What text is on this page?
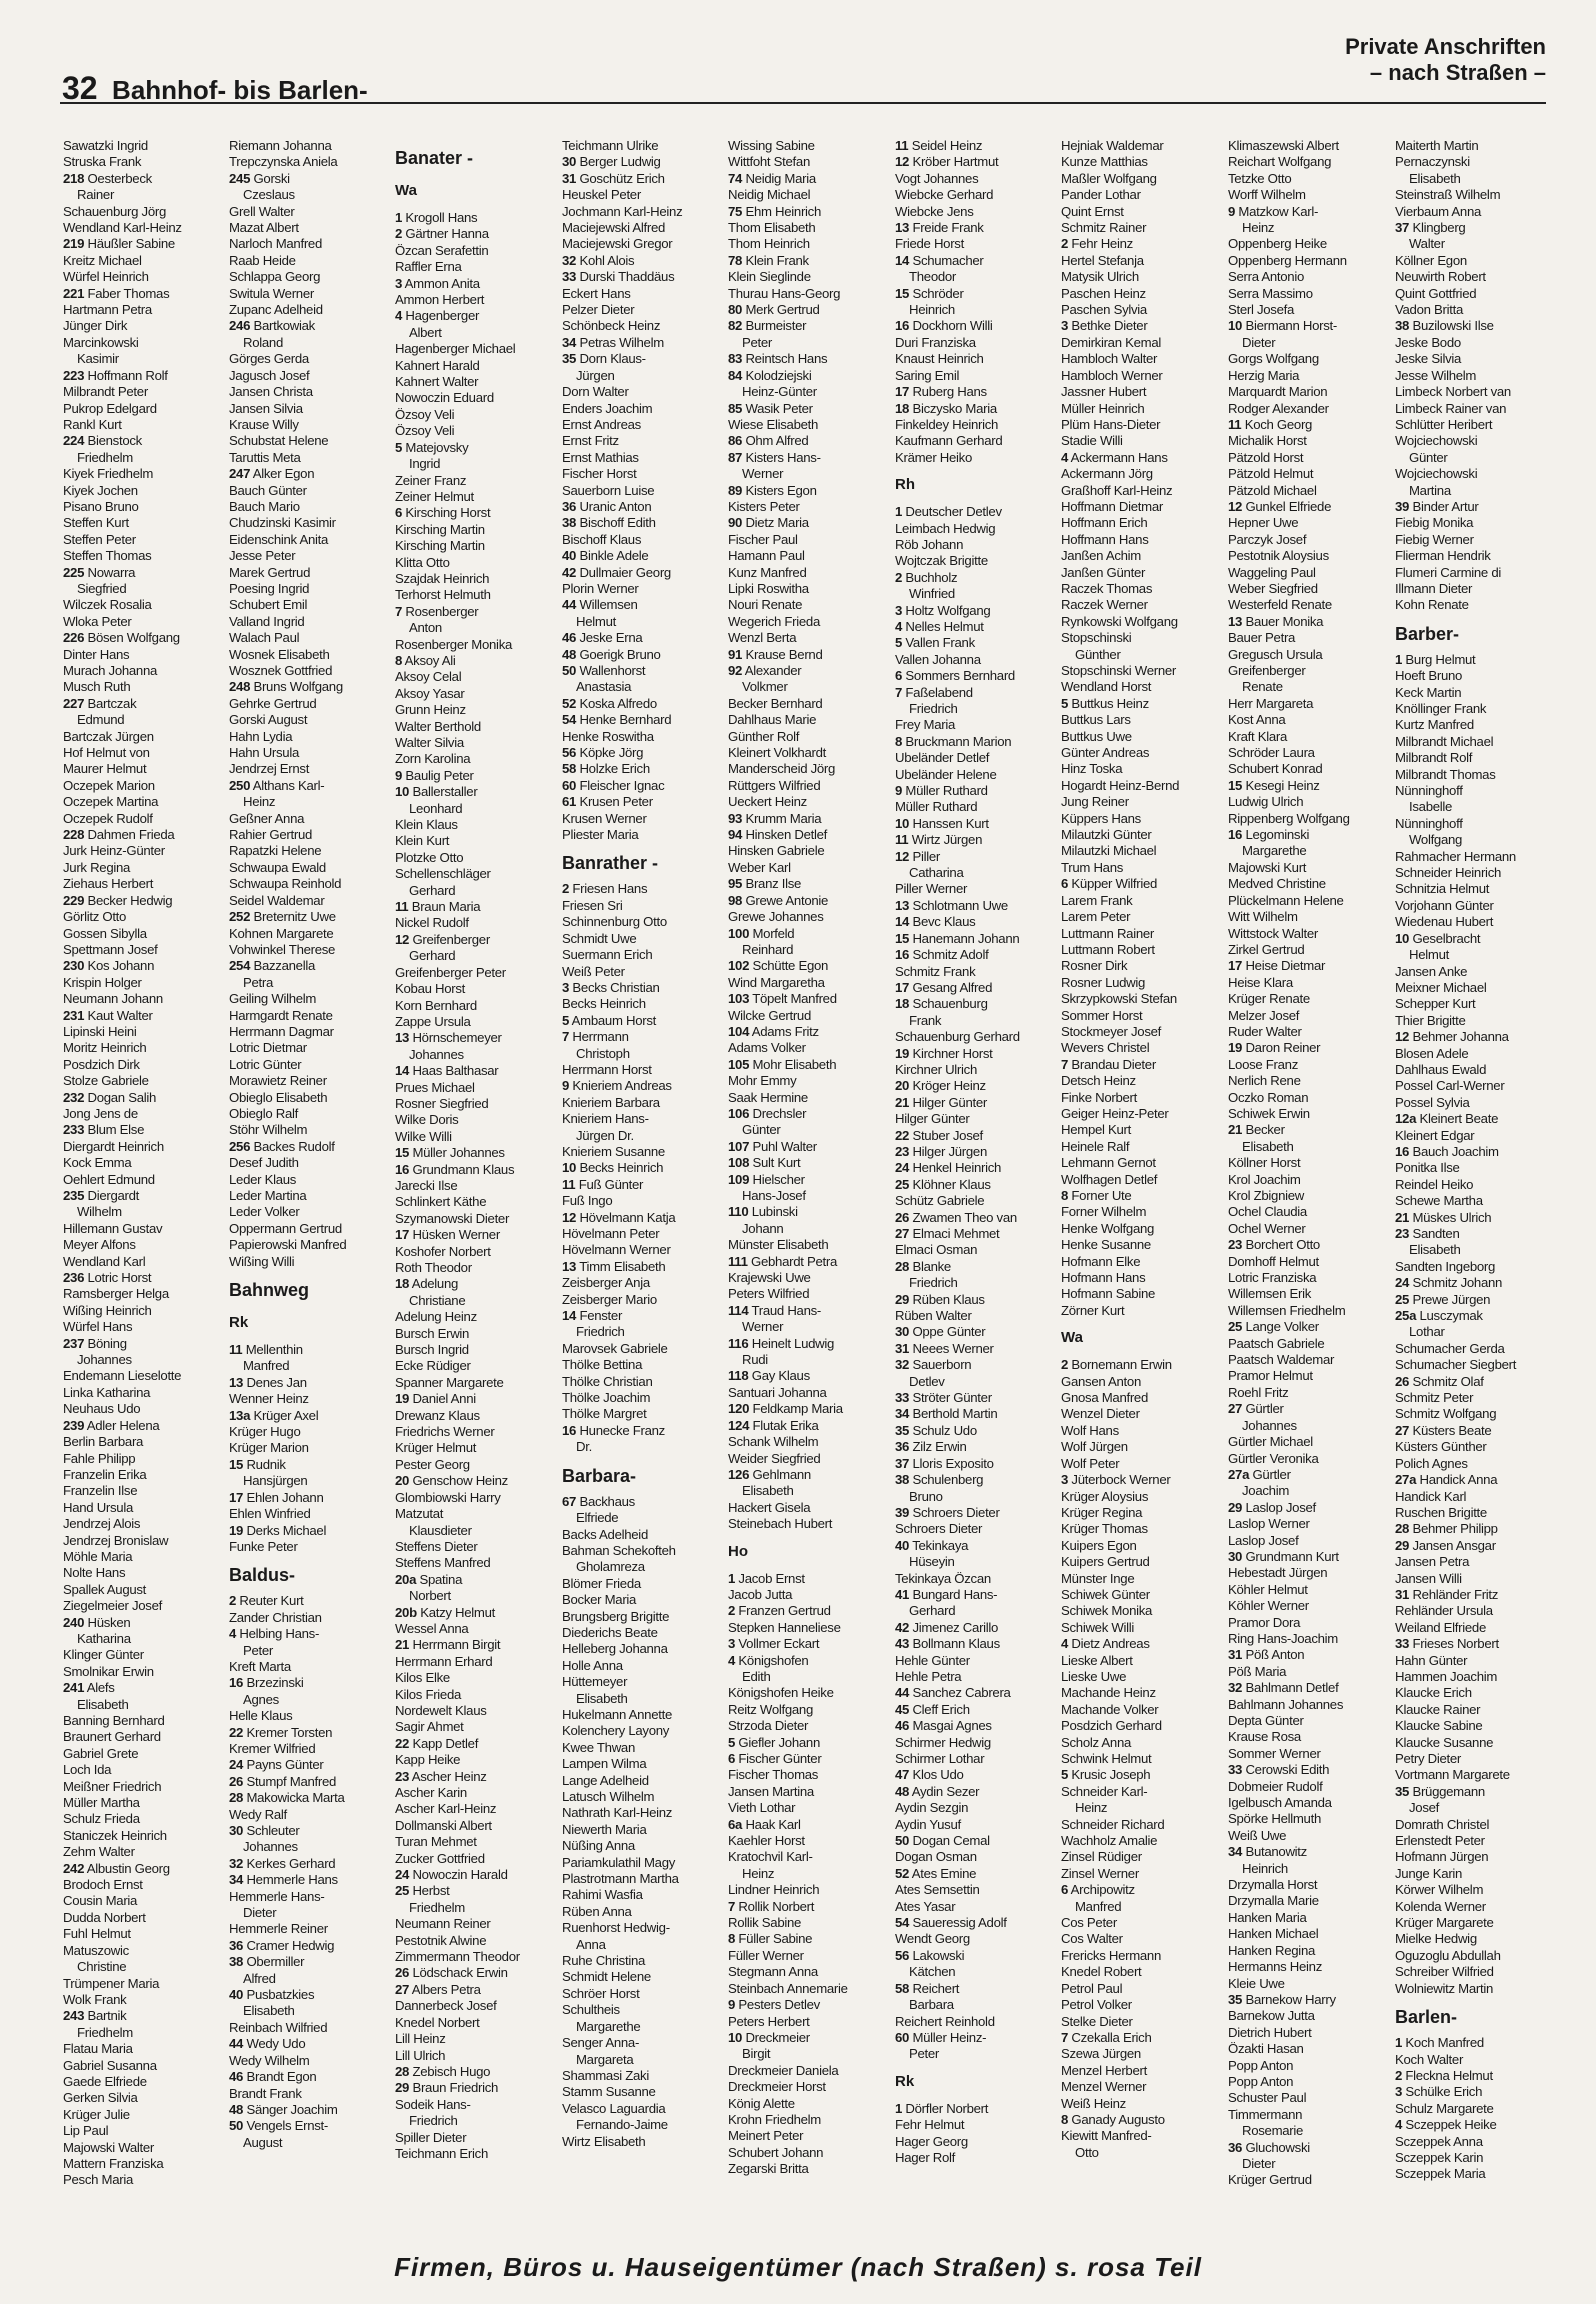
32 Bahnhof- bis Barlen-
Private Anschriften
– nach Straßen –
Sawatzki Ingrid
Struska Frank
218 Oesterbeck
Rainer
Schauenburg Jörg
Wendland Karl-Heinz
219 Häußler Sabine
Kreitz Michael
Würfel Heinrich
221 Faber Thomas
Hartmann Petra
Jünger Dirk
Marcinkowski
Kasimir
223 Hoffmann Rolf
Milbrandt Peter
Pukrop Edelgard
Rankl Kurt
224 Bienstock
Friedhelm
Kiyek Friedhelm
Kiyek Jochen
Pisano Bruno
Steffen Kurt
Steffen Peter
Steffen Thomas
225 Nowarra
Siegfried
Wilczek Rosalia
Wloka Peter
226 Bösen Wolfgang
Dinter Hans
Murach Johanna
Musch Ruth
227 Bartczak
Edmund
Bartczak Jürgen
Hof Helmut von
Maurer Helmut
Oczepek Marion
Oczepek Martina
Oczepek Rudolf
228 Dahmen Frieda
Jurk Heinz-Günter
Jurk Regina
Ziehaus Herbert
229 Becker Hedwig
Görlitz Otto
Gossen Sibylla
Spettmann Josef
230 Kos Johann
Krispin Holger
Neumann Johann
231 Kaut Walter
Lipinski Heini
Moritz Heinrich
Posdzich Dirk
Stolze Gabriele
232 Dogan Salih
Jong Jens de
233 Blum Else
Diergardt Heinrich
Kock Emma
Oehlert Edmund
235 Diergardt
Wilhelm
Hillemann Gustav
Meyer Alfons
Wendland Karl
236 Lotric Horst
Ramsberger Helga
Wißing Heinrich
Würfel Hans
237 Böning
Johannes
Endemann Lieselotte
Linka Katharina
Neuhaus Udo
239 Adler Helena
Berlin Barbara
Fahle Philipp
Franzelin Erika
Franzelin Ilse
Hand Ursula
Jendrzej Alois
Jendrzej Bronislaw
Möhle Maria
Nolte Hans
Spallek August
Ziegelmeier Josef
240 Hüsken
Katharina
Klinger Günter
Smolnikar Erwin
241 Alefs
Elisabeth
Banning Bernhard
Braunert Gerhard
Gabriel Grete
Loch Ida
Meißner Friedrich
Müller Martha
Schulz Frieda
Staniczek Heinrich
Zehm Walter
242 Albustin Georg
Brodoch Ernst
Cousin Maria
Dudda Norbert
Fuhl Helmut
Matuszowic
Christine
Trümpener Maria
Wolk Frank
243 Bartnik
Friedhelm
Flatau Maria
Gabriel Susanna
Gaede Elfriede
Gerken Silvia
Krüger Julie
Lip Paul
Majowski Walter
Mattern Franziska
Pesch Maria
Riemann Johanna
Trepczynska Aniela
245 Gorski
Czeslaus
Grell Walter
Mazat Albert
Narloch Manfred
Raab Heide
Schlappa Georg
Switula Werner
Zupanc Adelheid
246 Bartkowiak
Roland
Görges Gerda
Jagusch Josef
Jansen Christa
Jansen Silvia
Krause Willy
Schubstat Helene
Taruttis Meta
247 Alker Egon
Bauch Günter
Bauch Mario
Chudzinski Kasimir
Eidenschink Anita
Jesse Peter
Marek Gertrud
Poesing Ingrid
Schubert Emil
Valland Ingrid
Walach Paul
Wosnek Elisabeth
Wosznek Gottfried
248 Bruns Wolfgang
Gehrke Gertrud
Gorski August
Hahn Lydia
Hahn Ursula
Jendrzej Ernst
250 Althans Karl-
Heinz
Geßner Anna
Rahier Gertrud
Rapatzki Helene
Schwaupa Ewald
Schwaupa Reinhold
Seidel Waldemar
252 Breternitz Uwe
Kohnen Margarete
Vohwinkel Therese
254 Bazzanella
Petra
Geiling Wilhelm
Harmgardt Renate
Herrmann Dagmar
Lotric Dietmar
Lotric Günter
Morawietz Reiner
Obieglo Elisabeth
Obieglo Ralf
Stöhr Wilhelm
256 Backes Rudolf
Desef Judith
Leder Klaus
Leder Martina
Leder Volker
Oppermann Gertrud
Papierowski Manfred
Wißing Willi
Bahnweg
Rk
11 Mellenthin
Manfred
13 Denes Jan
Wenner Heinz
13a Krüger Axel
Krüger Hugo
Krüger Marion
15 Rudnik
Hansjürgen
17 Ehlen Johann
Ehlen Winfried
19 Derks Michael
Funke Peter
Baldus-
2 Reuter Kurt
Zander Christian
4 Helbing Hans-
Peter
Kreft Marta
16 Brzezinski
Agnes
Helle Klaus
22 Kremer Torsten
Kremer Wilfried
24 Payns Günter
26 Stumpf Manfred
28 Makowicka Marta
Wedy Ralf
30 Schleuter
Johannes
32 Kerkes Gerhard
34 Hemmerle Hans
Hemmerle Hans-
Dieter
Hemmerle Reiner
36 Cramer Hedwig
38 Obermiller
Alfred
40 Pusbatzkies
Elisabeth
Reinbach Wilfried
44 Wedy Udo
Wedy Wilhelm
46 Brandt Egon
Brandt Frank
48 Sänger Joachim
50 Vengels Ernst-
August
Banater -
Wa
1 Krogoll Hans
2 Gärtner Hanna
Özcan Serafettin
Raffler Erna
3 Ammon Anita
Ammon Herbert
4 Hagenberger
Albert
Hagenberger Michael
Kahnert Harald
Kahnert Walter
Nowoczin Eduard
Özsoy Veli
Özsoy Veli
5 Matejovsky
Ingrid
Zeiner Franz
Zeiner Helmut
6 Kirsching Horst
Kirsching Martin
Kirsching Martin
Klitta Otto
Szajdak Heinrich
Terhorst Helmuth
7 Rosenberger
Anton
Rosenberger Monika
8 Aksoy Ali
Aksoy Celal
Aksoy Yasar
Grunn Heinz
Walter Berthold
Walter Silvia
Zorn Karolina
9 Baulig Peter
10 Ballerstaller
Leonhard
Klein Klaus
Klein Kurt
Plotzke Otto
Schellenschläger
Gerhard
11 Braun Maria
Nickel Rudolf
12 Greifenberger
Gerhard
Greifenberger Peter
Kobau Horst
Korn Bernhard
Zappe Ursula
13 Hörnschemeyer
Johannes
14 Haas Balthasar
Prues Michael
Rosner Siegfried
Wilke Doris
Wilke Willi
15 Müller Johannes
16 Grundmann Klaus
Jarecki Ilse
Schlinkert Käthe
Szymanowski Dieter
17 Hüsken Werner
Koshofer Norbert
Roth Theodor
18 Adelung
Christiane
Adelung Heinz
Bursch Erwin
Bursch Ingrid
Ecke Rüdiger
Spanner Margarete
19 Daniel Anni
Drewanz Klaus
Friedrichs Werner
Krüger Helmut
Pester Georg
20 Genschow Heinz
Glombiowski Harry
Matzutat
Klausdieter
Steffens Dieter
Steffens Manfred
20a Spatina
Norbert
20b Katzy Helmut
Wessel Anna
21 Herrmann Birgit
Herrmann Erhard
Kilos Elke
Kilos Frieda
Nordewelt Klaus
Sagir Ahmet
22 Kapp Detlef
Kapp Heike
23 Ascher Heinz
Ascher Karin
Ascher Karl-Heinz
Dollmanski Albert
Turan Mehmet
Zucker Gottfried
24 Nowoczin Harald
25 Herbst
Friedhelm
Neumann Reiner
Pestotnik Alwine
Zimmermann Theodor
26 Lödschack Erwin
27 Albers Petra
Dannerbeck Josef
Knedel Norbert
Lill Heinz
Lill Ulrich
28 Zebisch Hugo
29 Braun Friedrich
Sodeik Hans-
Friedrich
Spiller Dieter
Teichmann Erich
Teichmann Ulrike
30 Berger Ludwig
31 Goschütz Erich
Heuskel Peter
Jochmann Karl-Heinz
Maciejewski Alfred
Maciejewski Gregor
32 Kohl Alois
33 Durski Thaddäus
Eckert Hans
Pelzer Dieter
Schönbeck Heinz
34 Petras Wilhelm
35 Dorn Klaus-
Jürgen
Dorn Walter
Enders Joachim
Ernst Andreas
Ernst Fritz
Ernst Mathias
Fischer Horst
Sauerborn Luise
36 Uranic Anton
38 Bischoff Edith
Bischoff Klaus
40 Binkle Adele
42 Dullmaier Georg
Plorin Werner
44 Willemsen
Helmut
46 Jeske Erna
48 Goerigk Bruno
50 Wallenhorst
Anastasia
52 Koska Alfredo
54 Henke Bernhard
Henke Roswitha
56 Köpke Jörg
58 Holzke Erich
60 Fleischer Ignac
61 Krusen Peter
Krusen Werner
Pliester Maria
Banrather -
2 Friesen Hans
Friesen Sri
Schinnenburg Otto
Schmidt Uwe
Suermann Erich
Weiß Peter
3 Becks Christian
Becks Heinrich
5 Ambaum Horst
7 Herrmann
Christoph
Herrmann Horst
9 Knieriem Andreas
Knieriem Barbara
Knieriem Hans-
Jürgen Dr.
Knieriem Susanne
10 Becks Heinrich
11 Fuß Günter
Fuß Ingo
12 Hövelmann Katja
Hövelmann Peter
Hövelmann Werner
13 Timm Elisabeth
Zeisberger Anja
Zeisberger Mario
14 Fenster
Friedrich
Marovsek Gabriele
Thölke Bettina
Thölke Christian
Thölke Joachim
Thölke Margret
16 Hunecke Franz
Dr.
Barbara-
67 Backhaus
Elfriede
Backs Adelheid
Bahman Schekofteh
Gholamreza
Blömer Frieda
Bocker Maria
Brungsberg Brigitte
Diederichs Beate
Helleberg Johanna
Holle Anna
Hüttemeyer
Elisabeth
Hukelmann Annette
Kolenchery Layony
Kwee Thwan
Lampen Wilma
Lange Adelheid
Latusch Wilhelm
Nathrath Karl-Heinz
Niewerth Maria
Nüßing Anna
Pariamkulathil Magy
Plastrotmann Martha
Rahimi Wasfia
Rüben Anna
Ruenhorst Hedwig-
Anna
Ruhe Christina
Schmidt Helene
Schröer Horst
Schultheis
Margarethe
Senger Anna-
Margareta
Shammasi Zaki
Stamm Susanne
Velasco Laguardia
Fernando-Jaime
Wirtz Elisabeth
Wissing Sabine
Wittfoht Stefan
74 Neidig Maria
Neidig Michael
75 Ehm Heinrich
Thom Elisabeth
Thom Heinrich
78 Klein Frank
Klein Sieglinde
Thurau Hans-Georg
80 Merk Gertrud
82 Burmeister
Peter
83 Reintsch Hans
84 Kolodziejski
Heinz-Günter
85 Wasik Peter
Wiese Elisabeth
86 Ohm Alfred
87 Kisters Hans-
Werner
89 Kisters Egon
Kisters Peter
90 Dietz Maria
Fischer Paul
Hamann Paul
Kunz Manfred
Lipki Roswitha
Nouri Renate
Wegerich Frieda
Wenzl Berta
91 Krause Bernd
92 Alexander
Volkmer
Becker Bernhard
Dahlhaus Marie
Günther Rolf
Kleinert Volkhardt
Manderscheid Jörg
Rüttgers Wilfried
Ueckert Heinz
93 Krumm Maria
94 Hinsken Detlef
Hinsken Gabriele
Weber Karl
95 Branz Ilse
98 Grewe Antonie
Grewe Johannes
100 Morfeld
Reinhard
102 Schütte Egon
Wind Margaretha
103 Töpelt Manfred
Wilcke Gertrud
104 Adams Fritz
Adams Volker
105 Mohr Elisabeth
Mohr Emmy
Saak Hermine
106 Drechsler
Günter
107 Puhl Walter
108 Sult Kurt
109 Hielscher
Hans-Josef
110 Lubinski
Johann
Münster Elisabeth
111 Gebhardt Petra
Krajewski Uwe
Peters Wilfried
114 Traud Hans-
Werner
116 Heinelt Ludwig
Rudi
118 Gay Klaus
Santuari Johanna
120 Feldkamp Maria
124 Flutak Erika
Schank Wilhelm
Weider Siegfried
126 Gehlmann
Elisabeth
Hackert Gisela
Steinebach Hubert
Ho
1 Jacob Ernst
Jacob Jutta
2 Franzen Gertrud
Stepken Hanneliese
3 Vollmer Eckart
4 Königshofen
Edith
Königshofen Heike
Reitz Wolfgang
Strzoda Dieter
5 Giefler Johann
6 Fischer Günter
Fischer Thomas
Jansen Martina
Vieth Lothar
6a Haak Karl
Kaehler Horst
Kratochvil Karl-
Heinz
Lindner Heinrich
7 Rollik Norbert
Rollik Sabine
8 Füller Sabine
Füller Werner
Stegmann Anna
Steinbach Annemarie
9 Pesters Detlev
Peters Herbert
10 Dreckmeier
Birgit
Dreckmeier Daniela
Dreckmeier Horst
König Alette
Krohn Friedhelm
Meinert Peter
Schubert Johann
Zegarski Britta
11 Seidel Heinz
12 Kröber Hartmut
Vogt Johannes
Wiebcke Gerhard
Wiebcke Jens
13 Freide Frank
Friede Horst
14 Schumacher
Theodor
15 Schröder
Heinrich
16 Dockhorn Willi
Duri Franziska
Knaust Heinrich
Saring Emil
17 Ruberg Hans
18 Biczysko Maria
Finkeldey Heinrich
Kaufmann Gerhard
Krämer Heiko
Rh
1 Deutscher Detlev
Leimbach Hedwig
Röb Johann
Wojtczak Brigitte
2 Buchholz
Winfried
3 Holtz Wolfgang
4 Nelles Helmut
5 Vallen Frank
Vallen Johanna
6 Sommers Bernhard
7 Faßelabend
Friedrich
Frey Maria
8 Bruckmann Marion
Ubeländer Detlef
Ubeländer Helene
9 Müller Ruthard
Müller Ruthard
10 Hanssen Kurt
11 Wirtz Jürgen
12 Piller
Catharina
Piller Werner
13 Schlotmann Uwe
14 Bevc Klaus
15 Hanemann Johann
16 Schmitz Adolf
Schmitz Frank
17 Gesang Alfred
18 Schauenburg
Frank
Schauenburg Gerhard
19 Kirchner Horst
Kirchner Ulrich
20 Kröger Heinz
21 Hilger Günter
Hilger Günter
22 Stuber Josef
23 Hilger Jürgen
24 Henkel Heinrich
25 Klöhner Klaus
Schütz Gabriele
26 Zwamen Theo van
27 Elmaci Mehmet
Elmaci Osman
28 Blanke
Friedrich
29 Rüben Klaus
Rüben Walter
30 Oppe Günter
31 Neees Werner
32 Sauerborn
Detlev
33 Ströter Günter
34 Berthold Martin
35 Schulz Udo
36 Zilz Erwin
37 Lloris Exposito
38 Schulenberg
Bruno
39 Schroers Dieter
Schroers Dieter
40 Tekinkaya
Hüseyin
Tekinkaya Özcan
41 Bungard Hans-
Gerhard
42 Jimenez Carillo
43 Bollmann Klaus
Hehle Günter
Hehle Petra
44 Sanchez Cabrera
45 Cleff Erich
46 Masgai Agnes
Schirmer Hedwig
Schirmer Lothar
47 Klos Udo
48 Aydin Sezer
Aydin Sezgin
Aydin Yusuf
50 Dogan Cemal
Dogan Osman
52 Ates Emine
Ates Semsettin
Ates Yasar
54 Saueressig Adolf
Wendt Georg
56 Lakowski
Kätchen
58 Reichert
Barbara
Reichert Reinhold
60 Müller Heinz-
Peter
Rk
1 Dörfler Norbert
Fehr Helmut
Hager Georg
Hager Rolf
Hejniak Waldemar
Kunze Matthias
Maßler Wolfgang
Pander Lothar
Quint Ernst
Schmitz Rainer
2 Fehr Heinz
Hertel Stefanja
Matysik Ulrich
Paschen Heinz
Paschen Sylvia
3 Bethke Dieter
Demirkiran Kemal
Hambloch Walter
Hambloch Werner
Jassner Hubert
Müller Heinrich
Plüm Hans-Dieter
Stadie Willi
4 Ackermann Hans
Ackermann Jörg
Graßhoff Karl-Heinz
Hoffmann Dietmar
Hoffmann Erich
Hoffmann Hans
Janßen Achim
Janßen Günter
Raczek Thomas
Raczek Werner
Rynkowski Wolfgang
Stopschinski
Günther
Stopschinski Werner
Wendland Horst
5 Buttkus Heinz
Buttkus Lars
Buttkus Uwe
Günter Andreas
Hinz Toska
Hogardt Heinz-Bernd
Jung Reiner
Küppers Hans
Milautzki Günter
Milautzki Michael
Trum Hans
6 Küpper Wilfried
Larem Frank
Larem Peter
Luttmann Rainer
Luttmann Robert
Rosner Dirk
Rosner Ludwig
Skrzypkowski Stefan
Sommer Horst
Stockmeyer Josef
Wevers Christel
7 Brandau Dieter
Detsch Heinz
Finke Norbert
Geiger Heinz-Peter
Hempel Kurt
Heinele Ralf
Lehmann Gernot
Wolfhagen Detlef
8 Forner Ute
Forner Wilhelm
Henke Wolfgang
Henke Susanne
Hofmann Elke
Hofmann Hans
Hofmann Sabine
Zörner Kurt
Wa
2 Bornemann Erwin
Gansen Anton
Gnosa Manfred
Wenzel Dieter
Wolf Hans
Wolf Jürgen
Wolf Peter
3 Jüterbock Werner
Krüger Aloysius
Krüger Regina
Krüger Thomas
Kuipers Egon
Kuipers Gertrud
Münster Inge
Schiwek Günter
Schiwek Monika
Schiwek Willi
4 Dietz Andreas
Lieske Albert
Lieske Uwe
Machande Heinz
Machande Volker
Posdzich Gerhard
Scholz Anna
Schwink Helmut
5 Krusic Joseph
Schneider Karl-
Heinz
Schneider Richard
Wachholz Amalie
Zinsel Rüdiger
Zinsel Werner
6 Archipowitz
Manfred
Cos Peter
Cos Walter
Frericks Hermann
Knedel Robert
Petrol Paul
Petrol Volker
Stelke Dieter
7 Czekalla Erich
Szewa Jürgen
Menzel Herbert
Menzel Werner
Weiß Heinz
8 Ganady Augusto
Kiewitt Manfred-
Otto
Klimaszewski Albert
Reichart Wolfgang
Tetzke Otto
Worff Wilhelm
9 Matzkow Karl-
Heinz
Oppenberg Heike
Oppenberg Hermann
Serra Antonio
Serra Massimo
Sterl Josefa
10 Biermann Horst-
Dieter
Gorgs Wolfgang
Herzig Maria
Marquardt Marion
Rodger Alexander
11 Koch Georg
Michalik Horst
Pätzold Horst
Pätzold Helmut
Pätzold Michael
12 Gunkel Elfriede
Hepner Uwe
Parczyk Josef
Pestotnik Aloysius
Waggeling Paul
Weber Siegfried
Westerfeld Renate
13 Bauer Monika
Bauer Petra
Gregusch Ursula
Greifenberger
Renate
Herr Margareta
Kost Anna
Kraft Klara
Schröder Laura
Schubert Konrad
15 Kesegi Heinz
Ludwig Ulrich
Rippenberg Wolfgang
16 Legominski
Margarethe
Majowski Kurt
Medved Christine
Plückelmann Helene
Witt Wilhelm
Wittstock Walter
Zirkel Gertrud
17 Heise Dietmar
Heise Klara
Krüger Renate
Melzer Josef
Ruder Walter
19 Daron Reiner
Loose Franz
Nerlich Rene
Oczko Roman
Schiwek Erwin
21 Becker
Elisabeth
Köllner Horst
Krol Joachim
Krol Zbigniew
Ochel Claudia
Ochel Werner
23 Borchert Otto
Domhoff Helmut
Lotric Franziska
Willemsen Erik
Willemsen Friedhelm
25 Lange Volker
Paatsch Gabriele
Paatsch Waldemar
Pramor Helmut
Roehl Fritz
27 Gürtler
Johannes
Gürtler Michael
Gürtler Veronika
27a Gürtler
Joachim
29 Laslop Josef
Laslop Werner
Laslop Josef
30 Grundmann Kurt
Hebestadt Jürgen
Köhler Helmut
Köhler Werner
Pramor Dora
Ring Hans-Joachim
31 Pöß Anton
Pöß Maria
32 Bahlmann Detlef
Bahlmann Johannes
Depta Günter
Krause Rosa
Sommer Werner
33 Cerowski Edith
Dobmeier Rudolf
Igelbusch Amanda
Spörke Hellmuth
Weiß Uwe
34 Butanowitz
Heinrich
Drzymalla Horst
Drzymalla Marie
Hanken Maria
Hanken Michael
Hanken Regina
Hermanns Heinz
Kleie Uwe
35 Barnekow Harry
Barnekow Jutta
Dietrich Hubert
Özakti Hasan
Popp Anton
Popp Anton
Schuster Paul
Timmermann
Rosemarie
36 Gluchowski
Dieter
Krüger Gertrud
Maiterth Martin
Pernaczynski
Elisabeth
Steinstraß Wilhelm
Vierbaum Anna
37 Klingberg
Walter
Köllner Egon
Neuwirth Robert
Quint Gottfried
Vadon Britta
38 Buzilowski Ilse
Jeske Bodo
Jeske Silvia
Jesse Wilhelm
Limbeck Norbert van
Limbeck Rainer van
Schlütter Heribert
Wojciechowski
Günter
Wojciechowski
Martina
39 Binder Artur
Fiebig Monika
Fiebig Werner
Flierman Hendrik
Flumeri Carmine di
Illmann Dieter
Kohn Renate
Barber-
1 Burg Helmut
Hoeft Bruno
Keck Martin
Knöllinger Frank
Kurtz Manfred
Milbrandt Michael
Milbrandt Rolf
Milbrandt Thomas
Nünninghoff
Isabelle
Nünninghoff
Wolfgang
Rahmacher Hermann
Schneider Heinrich
Schnitzia Helmut
Vorjohann Günter
Wiedenau Hubert
10 Geselbracht
Helmut
Jansen Anke
Meixner Michael
Schepper Kurt
Thier Brigitte
12 Behmer Johanna
Blosen Adele
Dahlhaus Ewald
Possel Carl-Werner
Possel Sylvia
12a Kleinert Beate
Kleinert Edgar
16 Bauch Joachim
Ponitka Ilse
Reindel Heiko
Schewe Martha
21 Müskes Ulrich
23 Sandten
Elisabeth
Sandten Ingeborg
24 Schmitz Johann
25 Prewe Jürgen
25a Lusczymak
Lothar
Schumacher Gerda
Schumacher Siegbert
26 Schmitz Olaf
Schmitz Peter
Schmitz Wolfgang
27 Küsters Beate
Küsters Günther
Polich Agnes
27a Handick Anna
Handick Karl
Ruschen Brigitte
28 Behmer Philipp
29 Jansen Ansgar
Jansen Petra
Jansen Willi
31 Rehländer Fritz
Rehländer Ursula
Weiland Elfriede
33 Frieses Norbert
Hahn Günter
Hammen Joachim
Klaucke Erich
Klaucke Rainer
Klaucke Sabine
Klaucke Susanne
Petry Dieter
Vortmann Margarete
35 Brüggemann
Josef
Domrath Christel
Erlenstedt Peter
Hofmann Jürgen
Junge Karin
Körwer Wilhelm
Kolenda Werner
Krüger Margarete
Mielke Hedwig
Oguzoglu Abdullah
Schreiber Wilfried
Wolniewitz Martin
Barlen-
1 Koch Manfred
Koch Walter
2 Fleckna Helmut
3 Schülke Erich
Schulz Margarete
4 Sczeppek Heike
Sczeppek Anna
Sczeppek Karin
Sczeppek Maria
Firmen, Büros u. Hauseigentümer (nach Straßen) s. rosa Teil
